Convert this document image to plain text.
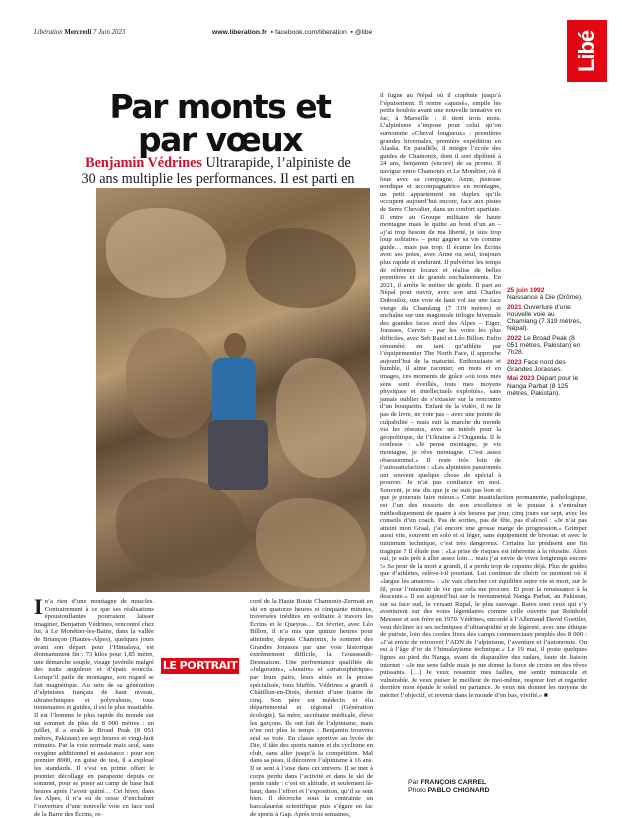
Libération Mercredi 7 Juin 2023	www.liberation.fr  ▪ facebook.com/liberation  ▪ @libe	Libé
Par monts et par vœux
Benjamin Védrines Ultrarapide, l’alpiniste de 30 ans multiplie les performances. Il est parti en
In’a rien d’une montagne de muscles. Contrairement à ce que ses réalisations époustouflantes pourraient laisser imaginer, Benjamin Védrines, rencontré chez lui, à Le Monêtier-les-Bains, dans la vallée de Briançon (Hautes-Alpes), quelques jours avant son départ pour l’Himalaya, est étonnamment fin : 73 kilos pour 1,85 mètre, une démarche souple, visage juvénile malgré des traits anguleux et d’épais sourcils. Lorsqu’il parle de montagne, son regard se fait magnétique. Au sein de sa génération d’alpinistes français de haut niveau, ultratechniques et polyvalents, tous trentenaires et guides, il est le plus insatiable. Il est l’homme le plus rapide du monde sur un sommet de plus de 8 000 mètres : en juillet, il a avalé le Broad Peak (8 051 mètres, Pakistan) en sept heures et vingt-huit minutes. Par la voie normale mais seul, sans oxygène additionnel ni assistance : pour son premier 8000, en guise de test, il a explosé les standards. Il s’est en prime offert le premier décollage en parapente depuis ce sommet, pour se poser au camp de base huit heures après l’avoir quitté… Cet hiver, dans les Alpes, il n’a eu de cesse d’enchaîner l’ouverture d’une nouvelle voie en face sud de la Barre des Écrins, re-
LE PORTRAIT
cord de la Haute Route Chamonix-Zermatt en ski en quatorze heures et cinquante minutes, traversées inédites en solitaire à travers les Écrins et le Queyras… En février, avec Léo Billon, il n’a mis que quinze heures pour atteindre, depuis Chamonix, le sommet des Grandes Jorasses par une voie historique extrêmement difficile, la Gousseault-Desmaison. Une performance qualifiée de «fulgurante», «lunaire» et «stratosphérique» par leurs pairs, leurs aînés et la presse spécialisée, tous bluffés. Védrines a grandi à Châtillon-en-Diois, dernier d’une fratrie de cinq. Son père est médecin et élu départemental et régional (Génération écologie). Sa mère, secrétaire médicale, élève les garçons. Ils ont fait de l’alpinisme, mais n’en ont plus le temps : Benjamin trouvera seul sa voie. En classe sportive au lycée de Die, il tâte des sports nature et du cyclisme en club, sans aller jusqu’à la compétition. Mal dans sa peau, il découvre l’alpinisme à 16 ans. Il se sent à l’aise dans cet univers. Il se met à corps perdu dans l’activité et dans le ski de pente raide : c’est en altitude, et seulement là-haut, dans l’effort et l’exposition, qu’il se sent bien. Il décroche sous la contrainte un baccalauréat scientifique puis s’égare en fac de sports à Gap. Après trois semaines,
il fugue au Népal où il craphute jusqu’à l’épuisement. Il rentre «apaisé», empile les petits boulots avant une nouvelle tentative en fac, à Marseille : il tient trois mois. L’alpinisme s’impose pour celui qu’on surnomme «Cheval fougueux» : premières grandes hivernales, première expédition en Alaska. En parallèle, il intègre l’école des guides de Chamonix, dont il sort diplômé à 24 ans, benjamin (encore) de sa promo. Il navigue entre Chamonix et Le Monêtier, où il loue avec sa compagne, Anne, pisteuse nordique et accompagnatrice en montagne, un petit appartement en duplex qu’ils occupent aujourd’hui encore, face aux pistes de Serre Chevalier, dans un confort spartiate. Il entre au Groupe militaire de haute montagne mais le quitte au bout d’un an – «j’ai trop besoin de ma liberté, je suis trop loup solitaire» – pour gagner sa vie comme guide… mais pas trop. Il écume les Écrins avec ses potes, avec Anne ou seul, toujours plus rapide et endurant. Il pulvérise les temps de référence locaux et réalise de belles premières et de grands enchaînements. En 2021, il arrête le métier de guide. Il part au Népal pour ouvrir, avec son ami Charles Dubouloz, une voie de haut vol sur une face vierge du Chamlang (7 319 mètres) et enchaîne sur une magistrale trilogie hivernale des grandes faces nord des Alpes – Eiger, Jorasses, Cervin – par les voies les plus difficiles, avec Seb Ratel et Léo Billon. Enfin rémunéré en tant qu’athlète par l’équipementier The North Face, il approche aujourd’hui de la maturité. Enthousiaste et humble, il aime raconter, en mots et en images, ces moments de grâce «où tous mes sens sont éveillés, tous mes moyens physiques et intellectuels exploités», sans jamais oublier de s’extasier sur la rencontre d’un bouquetin. Enfant de la vidéo, il ne lit pas de livre, ne vote pas – avec une pointe de culpabilité – mais suit la marche du monde via les réseaux, avec un intérêt pour la géopolitique, de l’Ukraine à l’Ouganda. Il le confesse : «Je pense montagne, je vis montagne, je rêve montagne. C’est assez obsessionnel.» Il reste très loin de l’autosatisfaction : «Les alpinistes passionnés ont souvent quelque chose de spécial à prouver. Je n’ai pas confiance en moi. Souvent, je me dis que je ne suis pas bon et que je pourrais faire mieux.» Cette insatisfaction permanente, pathologique, est l’un des ressorts de son excellence et le pousse à s’entraîner méthodiquement de quatre à six heures par jour, cinq jours sur sept, avec les conseils d’un coach. Pas de sorties, pas de fête, pas d’alcool : «Je n’ai pas atteint mon Graal, j’ai encore une grosse marge de progression.» Grimper aussi vite, souvent en solo et si léger, sans équipement de bivouac et avec le minimum technique, c’est très dangereux. Certains lui prédisent une fin tragique ? Il élude pas : «La prise de risques est inhérente à la réussite. Alors oui, je suis prêt à aller assez loin… mais j’ai envie de vivre longtemps encore !» Sa peur de la mort a grandi, il a perdu trop de copains déjà. Plus de guides que d’athlètes, relève-t-il pourtant. Lui continue de chérir ce moment où il «largue les amarres» : «Je vais chercher cet équilibre entre vie et mort, sur le fil, pour l’intensité de vie que cela me procure. Et pour la renaissance à la descente.» Il est aujourd’hui sur le monumental Nanga Parbat, au Pakistan, sur sa face sud, le versant Rupal, le plus sauvage. Rares sont ceux qui s’y aventurent sur des voies légendaires comme celle ouverte par Reinhold Messner et son frère en 1970. Védrines, encordé à l’Allemand David Goettler, veut décliner ici ses techniques d’ultrarapidité et de légèreté, avec une éthique de puriste, loin des cordes fixes des camps commerciaux peuplés des 8 000 : «J’ai envie de retrouver l’ADN de l’alpinisme, l’aventure et l’autonomie. On est à l’âge d’or de l’himalayisme technique.» Le 19 mai, il poste quelques lignes au pied du Nanga, avant de disparaître des radars, faute de liaison internet : «Je me sens faible mais je me donne la force de croire en des rêves puissants. […] Je veux ressentir mes failles, me sentir minuscule et vulnérable. Je veux puiser le meilleur de moi-même, respirer fort et regarder derrière mon épaule le soleil en partance. Je veux me donner les moyens de mériter l’objectif, et revenir dans le monde d’en bas, vivifié.» ■
25 juin 1992
Naissance à Die (Drôme).
2021 Ouverture d’une nouvelle voie au Chamlang (7 319 mètres, Népal).
2022 Le Broad Peak (8 051 mètres, Pakistan) en 7h28.
2023 Face nord des Grandes Jorasses.
Mai 2023 Départ pour le Nanga Parbat (8 125 mètres, Pakistan).
Par FRANÇOIS CARREL
Photo PABLO CHIGNARD
